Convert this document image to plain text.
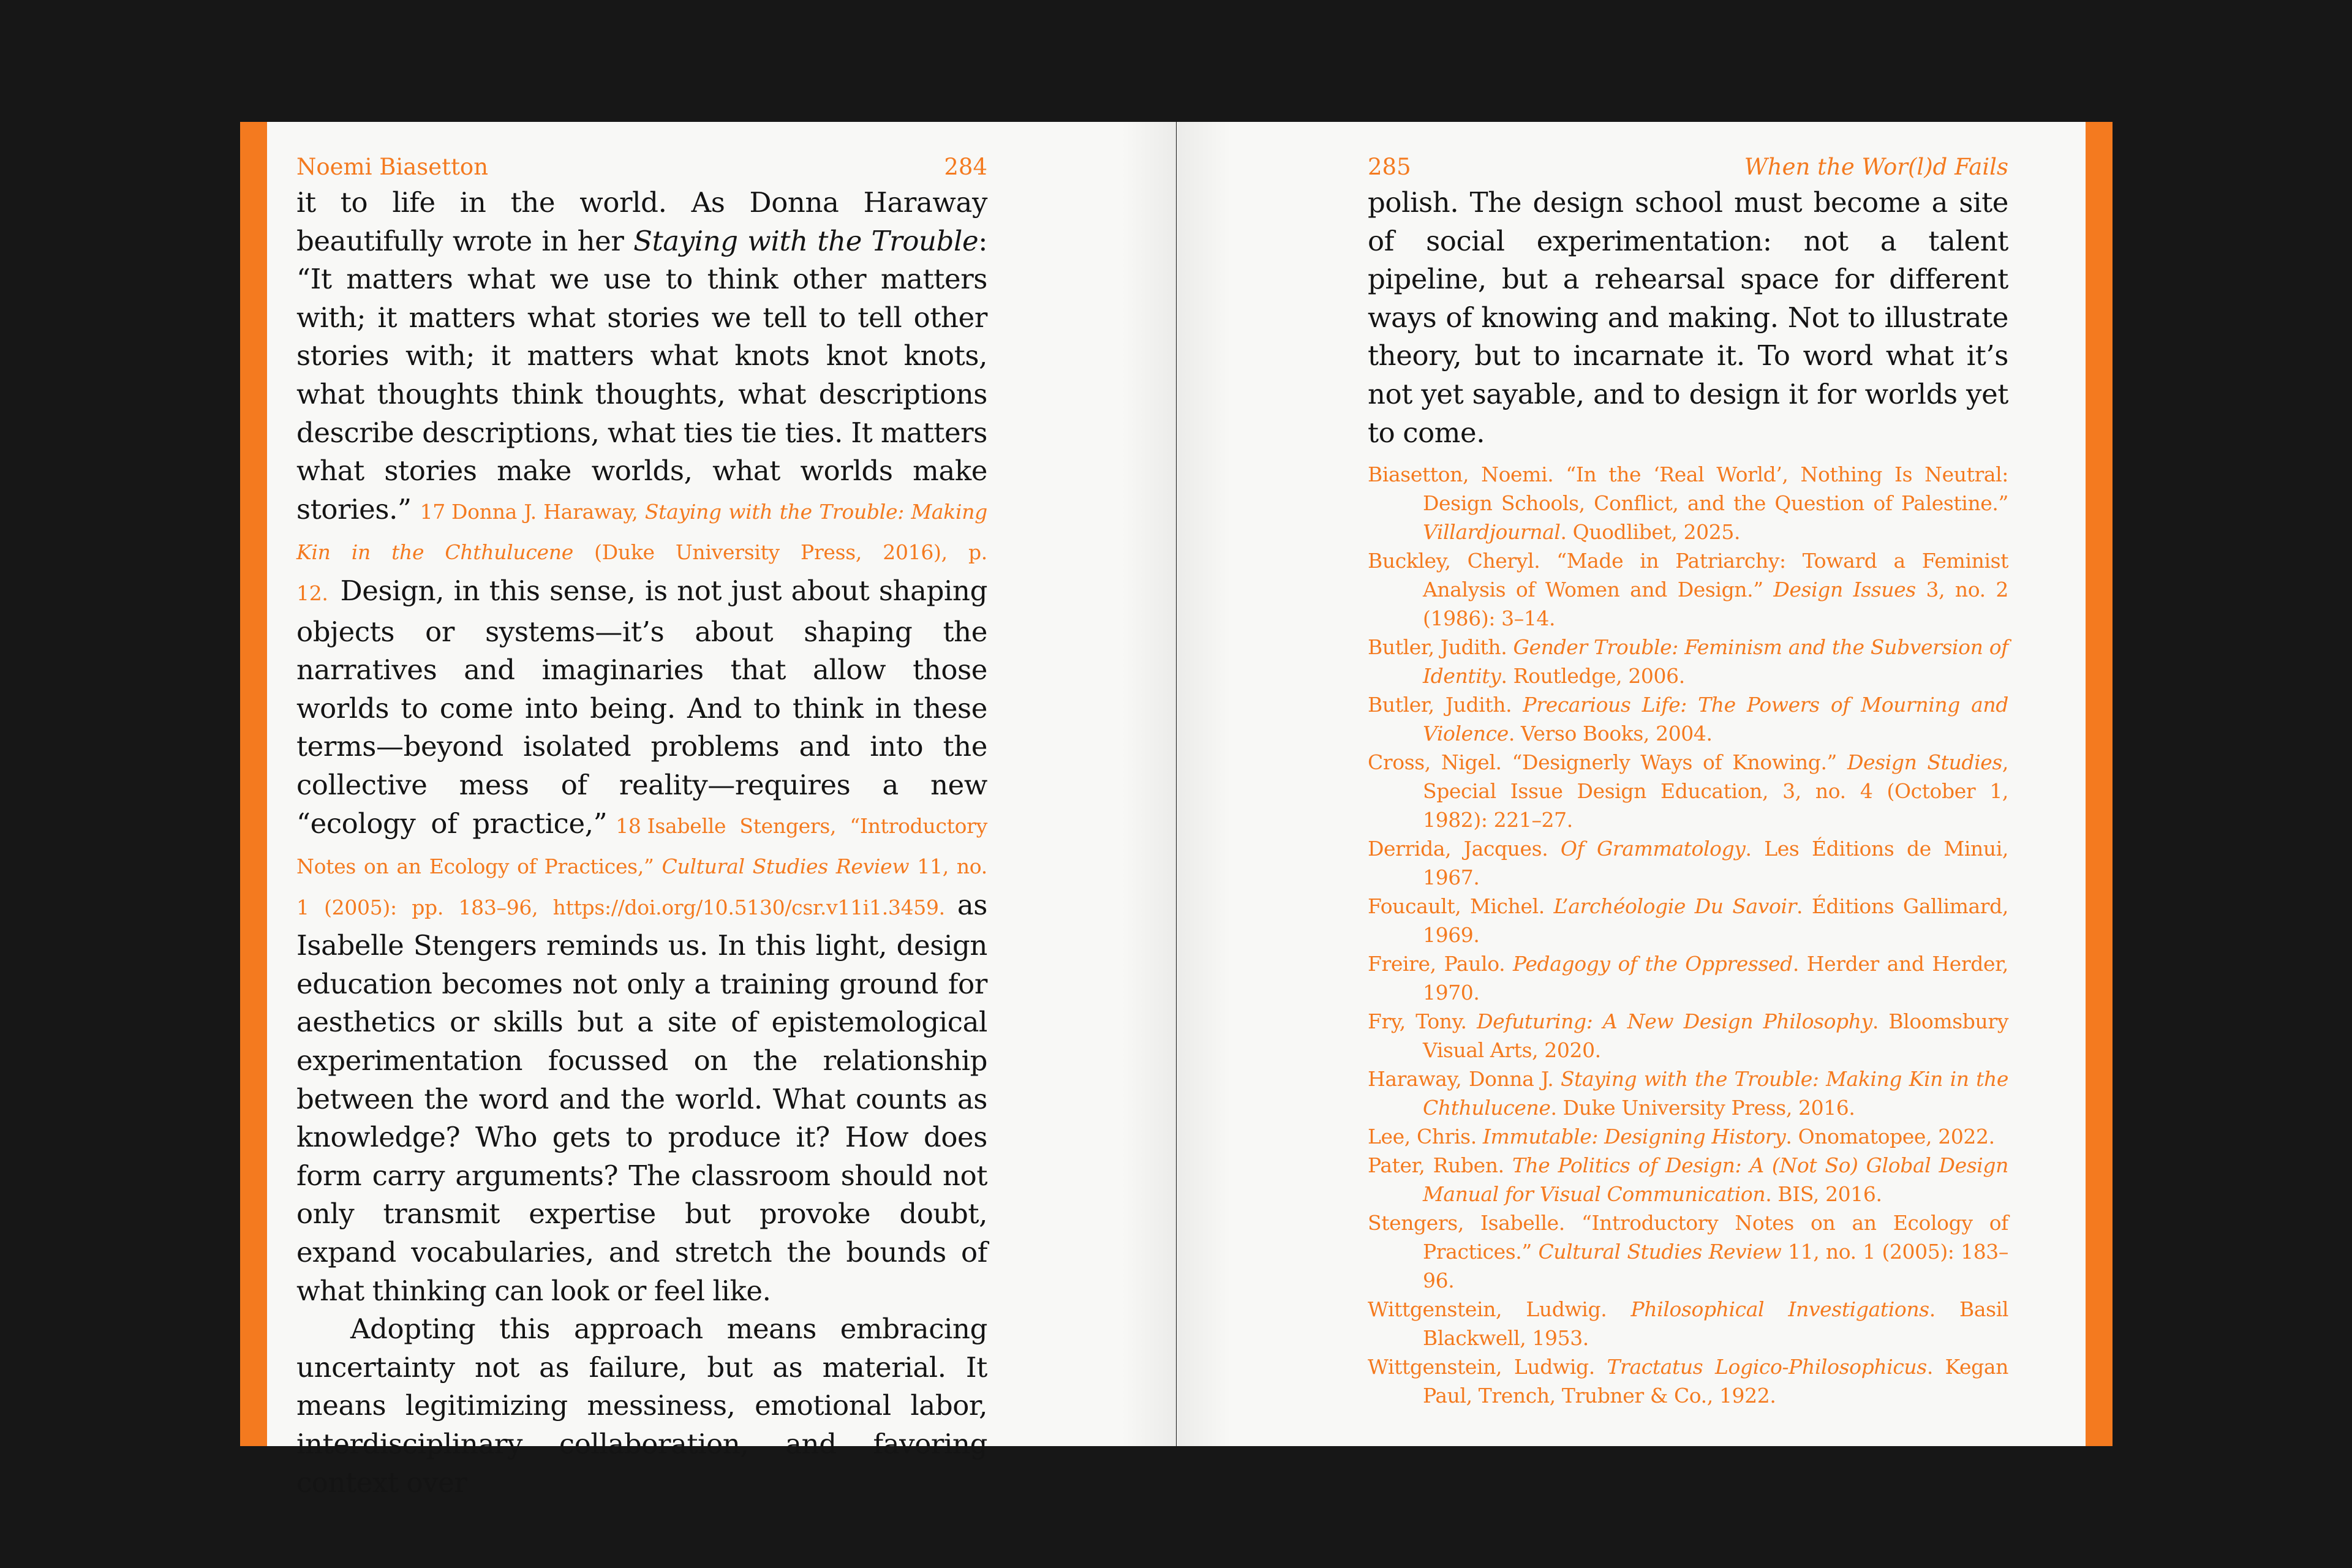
Noemi Biasetton	284

it to life in the world. As Donna Haraway beautifully wrote in her Staying with the Trouble: “It matters what we use to think other matters with; it matters what stories we tell to tell other stories with; it matters what knots knot knots, what thoughts think thoughts, what descriptions describe descriptions, what ties tie ties. It matters what stories make worlds, what worlds make stories.” 17 Donna J. Haraway, Staying with the Trouble: Making Kin in the Chthulucene (Duke University Press, 2016), p. 12. Design, in this sense, is not just about shaping objects or systems—it’s about shaping the narratives and imaginaries that allow those worlds to come into being. And to think in these terms—beyond isolated problems and into the collective mess of reality—requires a new “ecology of practice,” 18 Isabelle Stengers, “Introductory Notes on an Ecology of Practices,” Cultural Studies Review 11, no. 1 (2005): pp. 183–96, https://doi.org/10.5130/csr.v11i1.3459. as Isabelle Stengers reminds us. In this light, design education becomes not only a training ground for aesthetics or skills but a site of epistemological experimentation focussed on the relationship between the word and the world. What counts as knowledge? Who gets to produce it? How does form carry arguments? The classroom should not only transmit expertise but provoke doubt, expand vocabularies, and stretch the bounds of what thinking can look or feel like.

Adopting this approach means embracing uncertainty not as failure, but as material. It means legitimizing messiness, emotional labor, interdisciplinary collaboration, and favoring context over

285	When the Wor(l)d Fails

polish. The design school must become a site of social experimentation: not a talent pipeline, but a rehearsal space for different ways of knowing and making. Not to illustrate theory, but to incarnate it. To word what it’s not yet sayable, and to design it for worlds yet to come.

Biasetton, Noemi. “In the ‘Real World’, Nothing Is Neutral: Design Schools, Conflict, and the Question of Palestine.” Villardjournal. Quodlibet, 2025.
Buckley, Cheryl. “Made in Patriarchy: Toward a Feminist Analysis of Women and Design.” Design Issues 3, no. 2 (1986): 3–14.
Butler, Judith. Gender Trouble: Feminism and the Subversion of Identity. Routledge, 2006.
Butler, Judith. Precarious Life: The Powers of Mourning and Violence. Verso Books, 2004.
Cross, Nigel. “Designerly Ways of Knowing.” Design Studies, Special Issue Design Education, 3, no. 4 (October 1, 1982): 221–27.
Derrida, Jacques. Of Grammatology. Les Éditions de Minui, 1967.
Foucault, Michel. L’archéologie Du Savoir. Éditions Gallimard, 1969.
Freire, Paulo. Pedagogy of the Oppressed. Herder and Herder, 1970.
Fry, Tony. Defuturing: A New Design Philosophy. Bloomsbury Visual Arts, 2020.
Haraway, Donna J. Staying with the Trouble: Making Kin in the Chthulucene. Duke University Press, 2016.
Lee, Chris. Immutable: Designing History. Onomatopee, 2022.
Pater, Ruben. The Politics of Design: A (Not So) Global Design Manual for Visual Communication. BIS, 2016.
Stengers, Isabelle. “Introductory Notes on an Ecology of Practices.” Cultural Studies Review 11, no. 1 (2005): 183–96.
Wittgenstein, Ludwig. Philosophical Investigations. Basil Blackwell, 1953.
Wittgenstein, Ludwig. Tractatus Logico-Philosophicus. Kegan Paul, Trench, Trubner & Co., 1922.
